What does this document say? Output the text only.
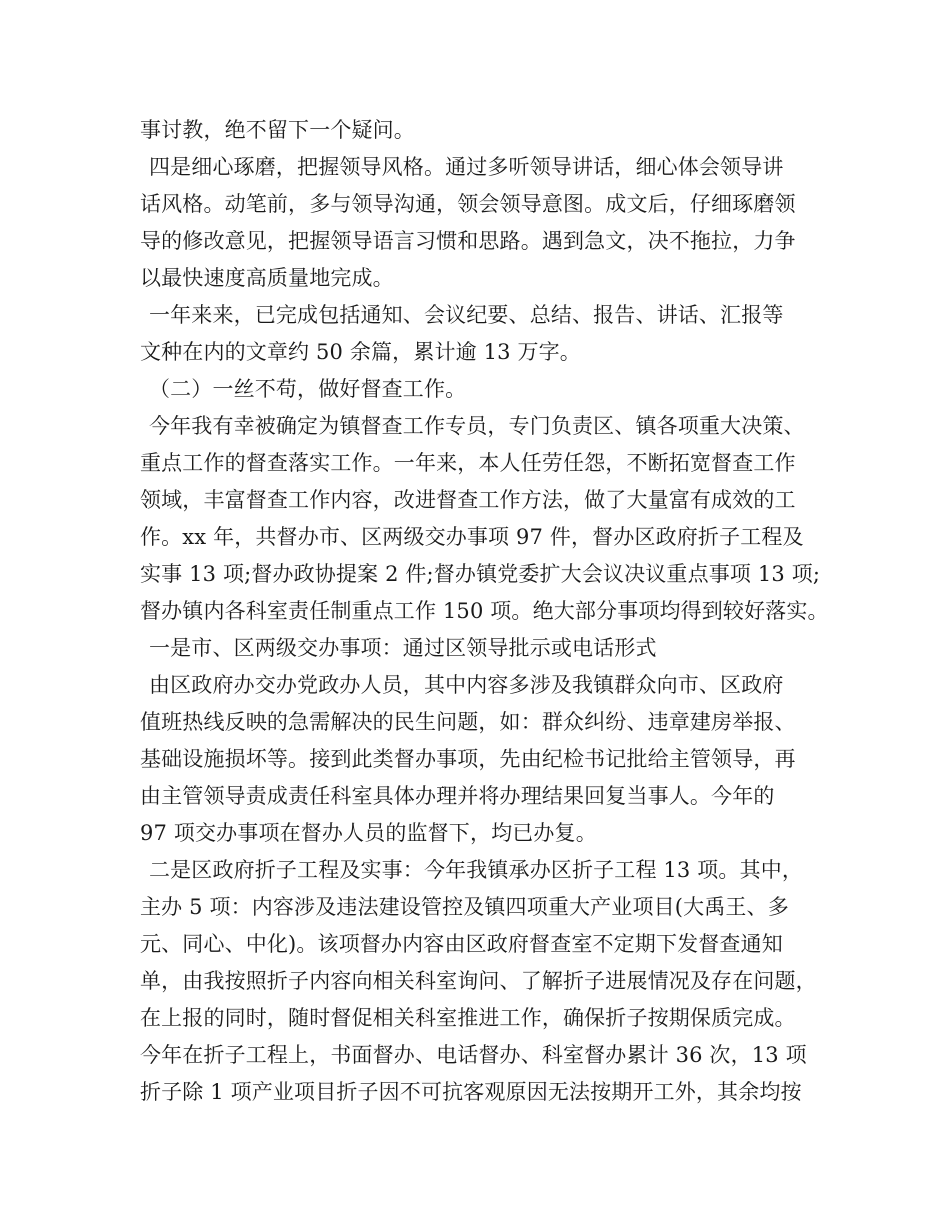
事讨教，绝不留下一个疑问。
四是细心琢磨，把握领导风格。通过多听领导讲话，细心体会领导讲
话风格。动笔前，多与领导沟通，领会领导意图。成文后，仔细琢磨领
导的修改意见，把握领导语言习惯和思路。遇到急文，决不拖拉，力争
以最快速度高质量地完成。
一年来来，已完成包括通知、会议纪要、总结、报告、讲话、汇报等
文种在内的文章约 50 余篇，累计逾 13 万字。
（二）一丝不苟，做好督查工作。
今年我有幸被确定为镇督查工作专员，专门负责区、镇各项重大决策、
重点工作的督查落实工作。一年来，本人任劳任怨，不断拓宽督查工作
领域，丰富督查工作内容，改进督查工作方法，做了大量富有成效的工
作。xx 年，共督办市、区两级交办事项 97 件，督办区政府折子工程及
实事 13 项;督办政协提案 2 件;督办镇党委扩大会议决议重点事项 13 项;
督办镇内各科室责任制重点工作 150 项。绝大部分事项均得到较好落实。
一是市、区两级交办事项：通过区领导批示或电话形式
由区政府办交办党政办人员，其中内容多涉及我镇群众向市、区政府
值班热线反映的急需解决的民生问题，如：群众纠纷、违章建房举报、
基础设施损坏等。接到此类督办事项，先由纪检书记批给主管领导，再
由主管领导责成责任科室具体办理并将办理结果回复当事人。今年的
97 项交办事项在督办人员的监督下，均已办复。
二是区政府折子工程及实事：今年我镇承办区折子工程 13 项。其中，
主办 5 项：内容涉及违法建设管控及镇四项重大产业项目(大禹王、多
元、同心、中化)。该项督办内容由区政府督查室不定期下发督查通知
单，由我按照折子内容向相关科室询问、了解折子进展情况及存在问题，
在上报的同时，随时督促相关科室推进工作，确保折子按期保质完成。
今年在折子工程上，书面督办、电话督办、科室督办累计 36 次，13 项
折子除 1 项产业项目折子因不可抗客观原因无法按期开工外，其余均按
